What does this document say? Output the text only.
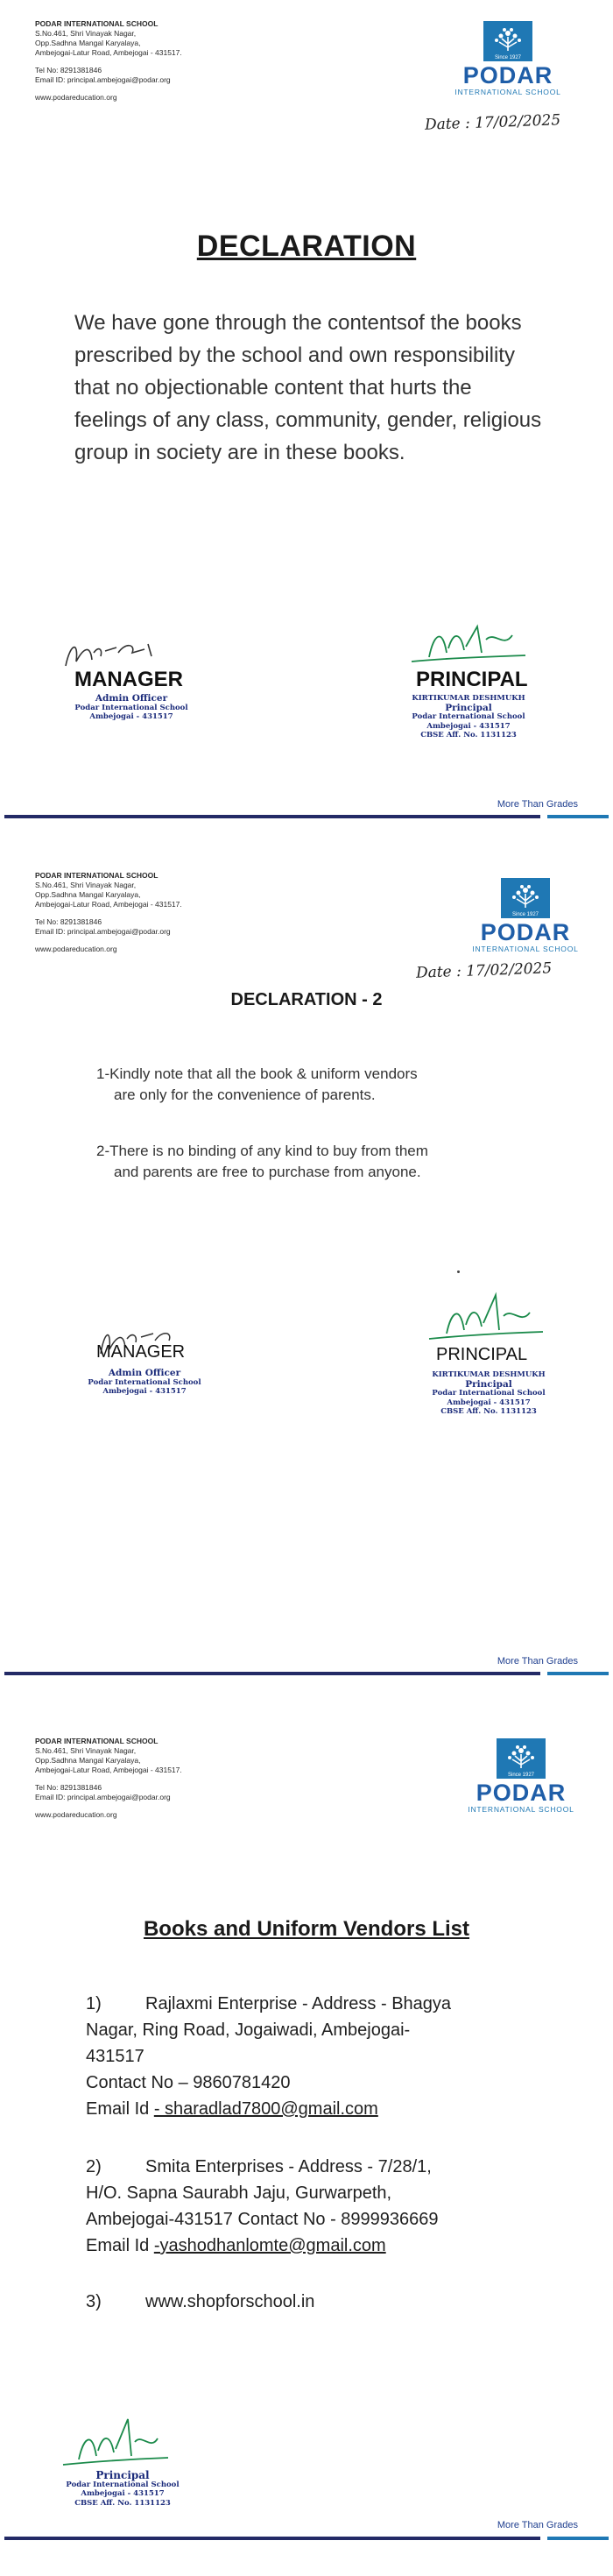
PODAR INTERNATIONAL SCHOOL
S.No.461, Shri Vinayak Nagar,
Opp.Sadhna Mangal Karyalaya,
Ambejogai-Latur Road, Ambejogai - 431517.
Tel No: 8291381846
Email ID: principal.ambejogai@podar.org
www.podareducation.org
Since 1927
PODAR
INTERNATIONAL SCHOOL
Date : 17/02/2025
DECLARATION
We have gone through the contentsof the books prescribed by the school and own responsibility that no objectionable content that hurts the feelings of any class, community, gender, religious group in society are in these books.
MANAGER
Admin Officer
Podar International School
Ambejogai - 431517
PRINCIPAL
KIRTIKUMAR DESHMUKH
Principal
Podar International School
Ambejogai - 431517
CBSE Aff. No. 1131123
More Than Grades
PODAR INTERNATIONAL SCHOOL
S.No.461, Shri Vinayak Nagar,
Opp.Sadhna Mangal Karyalaya,
Ambejogai-Latur Road, Ambejogai - 431517.
Tel No: 8291381846
Email ID: principal.ambejogai@podar.org
www.podareducation.org
Since 1927
PODAR
INTERNATIONAL SCHOOL
Date : 17/02/2025
DECLARATION - 2
1-Kindly note that all the book & uniform vendors
are only for the convenience of parents.
2-There is no binding of any kind to buy from them
and parents are free to purchase from anyone.
MANAGER
Admin Officer
Podar International School
Ambejogai - 431517
PRINCIPAL
KIRTIKUMAR DESHMUKH
Principal
Podar International School
Ambejogai - 431517
CBSE Aff. No. 1131123
More Than Grades
PODAR INTERNATIONAL SCHOOL
S.No.461, Shri Vinayak Nagar,
Opp.Sadhna Mangal Karyalaya,
Ambejogai-Latur Road, Ambejogai - 431517.
Tel No: 8291381846
Email ID: principal.ambejogai@podar.org
www.podareducation.org
Since 1927
PODAR
INTERNATIONAL SCHOOL
Books and Uniform Vendors List
1)	Rajlaxmi Enterprise - Address - Bhagya
Nagar, Ring Road, Jogaiwadi, Ambejogai-
431517
Contact No – 9860781420
Email Id - sharadlad7800@gmail.com
2)	Smita Enterprises - Address - 7/28/1,
H/O. Sapna Saurabh Jaju, Gurwarpeth,
Ambejogai-431517 Contact No - 8999936669
Email Id -yashodhanlomte@gmail.com
3)	www.shopforschool.in
Principal
Podar International School
Ambejogai - 431517
CBSE Aff. No. 1131123
More Than Grades
